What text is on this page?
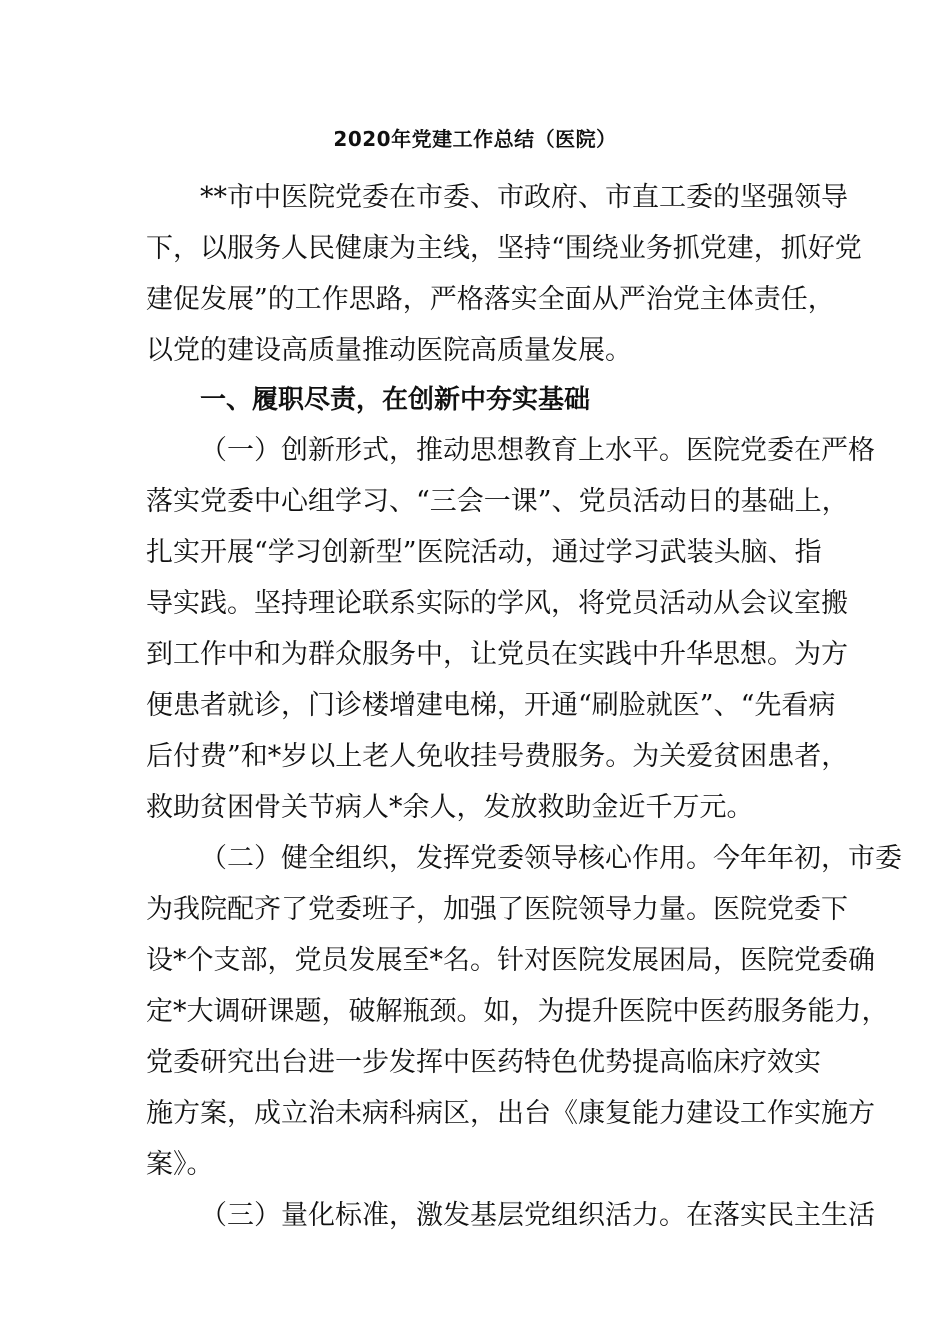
2020年党建工作总结（医院）
**市中医院党委在市委、市政府、市直工委的坚强领导
下，以服务人民健康为主线，坚持“围绕业务抓党建，抓好党
建促发展”的工作思路，严格落实全面从严治党主体责任，
以党的建设高质量推动医院高质量发展。
一、履职尽责，在创新中夯实基础
（一）创新形式，推动思想教育上水平。医院党委在严格
落实党委中心组学习、“三会一课”、党员活动日的基础上，
扎实开展“学习创新型”医院活动，通过学习武装头脑、指
导实践。坚持理论联系实际的学风，将党员活动从会议室搬
到工作中和为群众服务中，让党员在实践中升华思想。为方
便患者就诊，门诊楼增建电梯，开通“刷脸就医”、“先看病
后付费”和*岁以上老人免收挂号费服务。为关爱贫困患者，
救助贫困骨关节病人*余人，发放救助金近千万元。
（二）健全组织，发挥党委领导核心作用。今年年初，市委
为我院配齐了党委班子，加强了医院领导力量。医院党委下
设*个支部，党员发展至*名。针对医院发展困局，医院党委确
定*大调研课题，破解瓶颈。如，为提升医院中医药服务能力，
党委研究出台进一步发挥中医药特色优势提高临床疗效实
施方案，成立治未病科病区，出台《康复能力建设工作实施方
案》。
（三）量化标准，激发基层党组织活力。在落实民主生活
